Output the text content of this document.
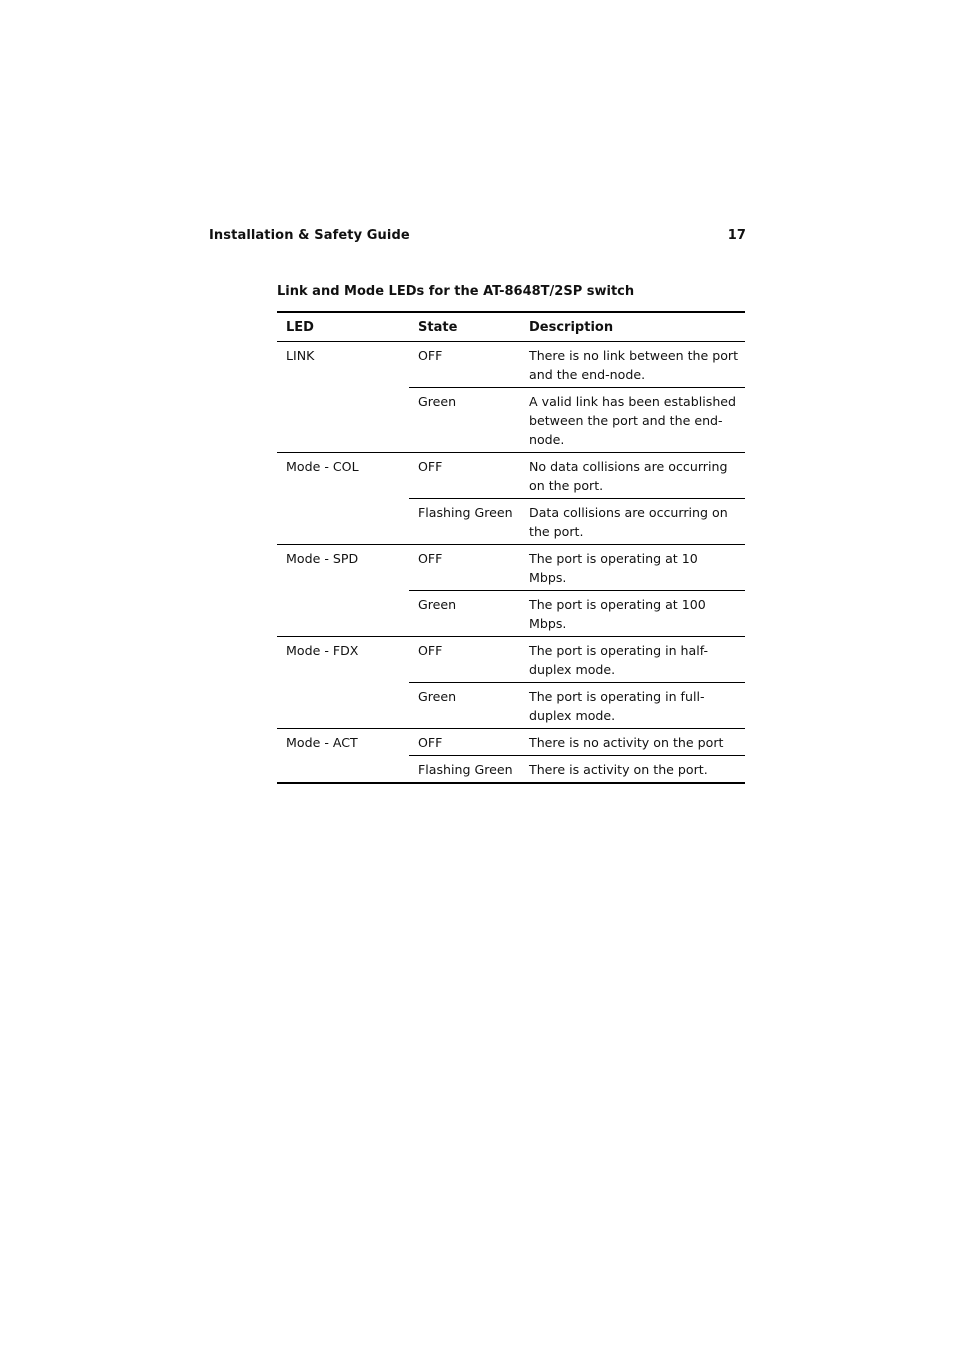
Installation & Safety Guide	17
Link and Mode LEDs for the AT-8648T/2SP switch
LED	State	Description
LINK	OFF	There is no link between the port and the end-node.
	Green	A valid link has been established between the port and the end-node.
Mode - COL	OFF	No data collisions are occurring on the port.
	Flashing Green	Data collisions are occurring on the port.
Mode - SPD	OFF	The port is operating at 10 Mbps.
	Green	The port is operating at 100 Mbps.
Mode - FDX	OFF	The port is operating in half-duplex mode.
	Green	The port is operating in full-duplex mode.
Mode - ACT	OFF	There is no activity on the port
	Flashing Green	There is activity on the port.
